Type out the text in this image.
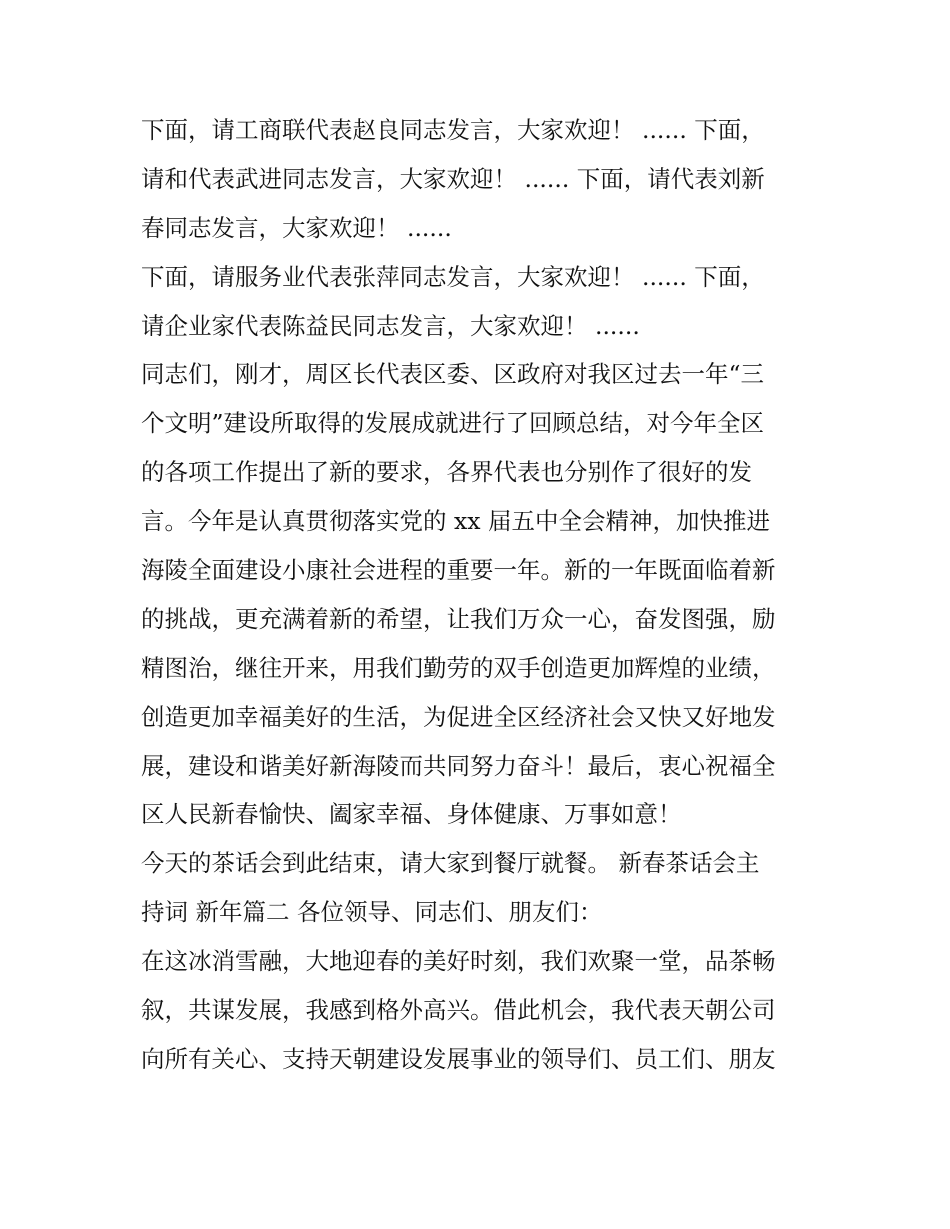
下面，请工商联代表赵良同志发言，大家欢迎！ ...... 下面，
请和代表武进同志发言，大家欢迎！ ...... 下面，请代表刘新
春同志发言，大家欢迎！ ......
下面，请服务业代表张萍同志发言，大家欢迎！ ...... 下面，
请企业家代表陈益民同志发言，大家欢迎！ ......
同志们，刚才，周区长代表区委、区政府对我区过去一年“三
个文明”建设所取得的发展成就进行了回顾总结，对今年全区
的各项工作提出了新的要求，各界代表也分别作了很好的发
言。今年是认真贯彻落实党的 xx 届五中全会精神，加快推进
海陵全面建设小康社会进程的重要一年。新的一年既面临着新
的挑战，更充满着新的希望，让我们万众一心，奋发图强，励
精图治，继往开来，用我们勤劳的双手创造更加辉煌的业绩，
创造更加幸福美好的生活，为促进全区经济社会又快又好地发
展，建设和谐美好新海陵而共同努力奋斗！最后，衷心祝福全
区人民新春愉快、阖家幸福、身体健康、万事如意！
今天的茶话会到此结束，请大家到餐厅就餐。 新春茶话会主
持词 新年篇二 各位领导、同志们、朋友们：
在这冰消雪融，大地迎春的美好时刻，我们欢聚一堂，品茶畅
叙，共谋发展，我感到格外高兴。借此机会，我代表天朝公司
向所有关心、支持天朝建设发展事业的领导们、员工们、朋友
